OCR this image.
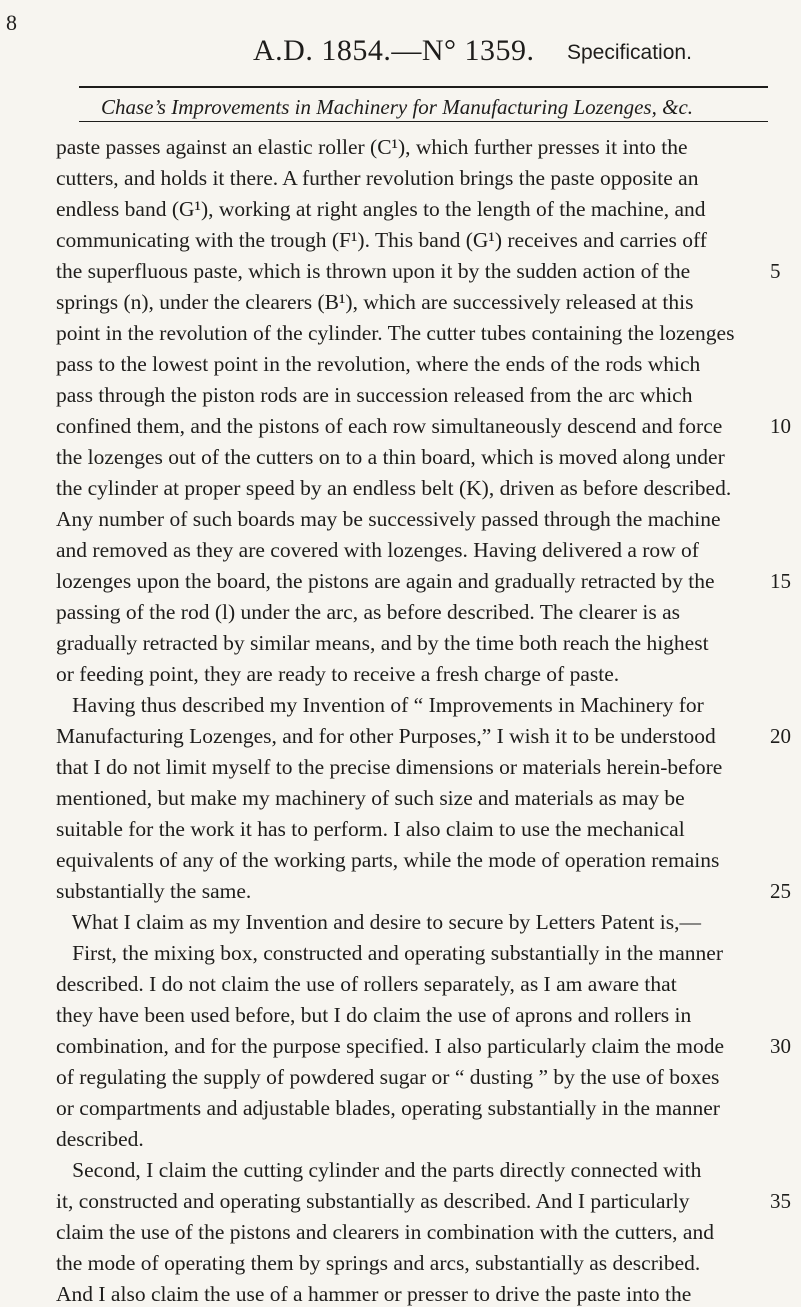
8
A.D. 1854.—N° 1359. Specification.
Chase’s Improvements in Machinery for Manufacturing Lozenges, &c.
paste passes against an elastic roller (C¹), which further presses it into the
cutters, and holds it there. A further revolution brings the paste opposite an
endless band (G¹), working at right angles to the length of the machine, and
communicating with the trough (F¹). This band (G¹) receives and carries off
the superfluous paste, which is thrown upon it by the sudden action of the
springs (n), under the clearers (B¹), which are successively released at this
point in the revolution of the cylinder. The cutter tubes containing the lozenges
pass to the lowest point in the revolution, where the ends of the rods which
pass through the piston rods are in succession released from the arc which
confined them, and the pistons of each row simultaneously descend and force
the lozenges out of the cutters on to a thin board, which is moved along under
the cylinder at proper speed by an endless belt (K), driven as before described.
Any number of such boards may be successively passed through the machine
and removed as they are covered with lozenges. Having delivered a row of
lozenges upon the board, the pistons are again and gradually retracted by the
passing of the rod (l) under the arc, as before described. The clearer is as
gradually retracted by similar means, and by the time both reach the highest
or feeding point, they are ready to receive a fresh charge of paste.
Having thus described my Invention of “ Improvements in Machinery for
Manufacturing Lozenges, and for other Purposes,” I wish it to be understood
that I do not limit myself to the precise dimensions or materials herein-before
mentioned, but make my machinery of such size and materials as may be
suitable for the work it has to perform. I also claim to use the mechanical
equivalents of any of the working parts, while the mode of operation remains
substantially the same.
What I claim as my Invention and desire to secure by Letters Patent is,—
First, the mixing box, constructed and operating substantially in the manner
described. I do not claim the use of rollers separately, as I am aware that
they have been used before, but I do claim the use of aprons and rollers in
combination, and for the purpose specified. I also particularly claim the mode
of regulating the supply of powdered sugar or “ dusting ” by the use of boxes
or compartments and adjustable blades, operating substantially in the manner
described.
Second, I claim the cutting cylinder and the parts directly connected with
it, constructed and operating substantially as described. And I particularly
claim the use of the pistons and clearers in combination with the cutters, and
the mode of operating them by springs and arcs, substantially as described.
And I also claim the use of a hammer or presser to drive the paste into the
5
10
15
20
25
30
35
